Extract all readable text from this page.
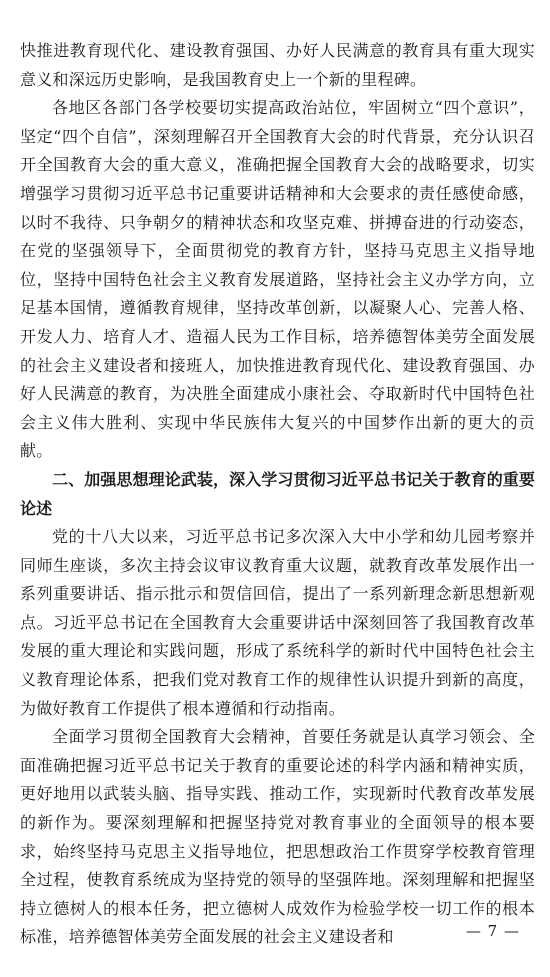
快推进教育现代化、建设教育强国、办好人民满意的教育具有重大现实意义和深远历史影响，是我国教育史上一个新的里程碑。

各地区各部门各学校要切实提高政治站位，牢固树立“四个意识”，坚定“四个自信”，深刻理解召开全国教育大会的时代背景，充分认识召开全国教育大会的重大意义，准确把握全国教育大会的战略要求，切实增强学习贯彻习近平总书记重要讲话精神和大会要求的责任感使命感，以时不我待、只争朝夕的精神状态和攻坚克难、拼搏奋进的行动姿态，在党的坚强领导下，全面贯彻党的教育方针，坚持马克思主义指导地位，坚持中国特色社会主义教育发展道路，坚持社会主义办学方向，立足基本国情，遵循教育规律，坚持改革创新，以凝聚人心、完善人格、开发人力、培育人才、造福人民为工作目标，培养德智体美劳全面发展的社会主义建设者和接班人，加快推进教育现代化、建设教育强国、办好人民满意的教育，为决胜全面建成小康社会、夺取新时代中国特色社会主义伟大胜利、实现中华民族伟大复兴的中国梦作出新的更大的贡献。

二、加强思想理论武装，深入学习贯彻习近平总书记关于教育的重要论述

党的十八大以来，习近平总书记多次深入大中小学和幼儿园考察并同师生座谈，多次主持会议审议教育重大议题，就教育改革发展作出一系列重要讲话、指示批示和贺信回信，提出了一系列新理念新思想新观点。习近平总书记在全国教育大会重要讲话中深刻回答了我国教育改革发展的重大理论和实践问题，形成了系统科学的新时代中国特色社会主义教育理论体系，把我们党对教育工作的规律性认识提升到新的高度，为做好教育工作提供了根本遵循和行动指南。

全面学习贯彻全国教育大会精神，首要任务就是认真学习领会、全面准确把握习近平总书记关于教育的重要论述的科学内涵和精神实质，更好地用以武装头脑、指导实践、推动工作，实现新时代教育改革发展的新作为。要深刻理解和把握坚持党对教育事业的全面领导的根本要求，始终坚持马克思主义指导地位，把思想政治工作贯穿学校教育管理全过程，使教育系统成为坚持党的领导的坚强阵地。深刻理解和把握坚持立德树人的根本任务，把立德树人成效作为检验学校一切工作的根本标准，培养德智体美劳全面发展的社会主义建设者和	— 7 —
